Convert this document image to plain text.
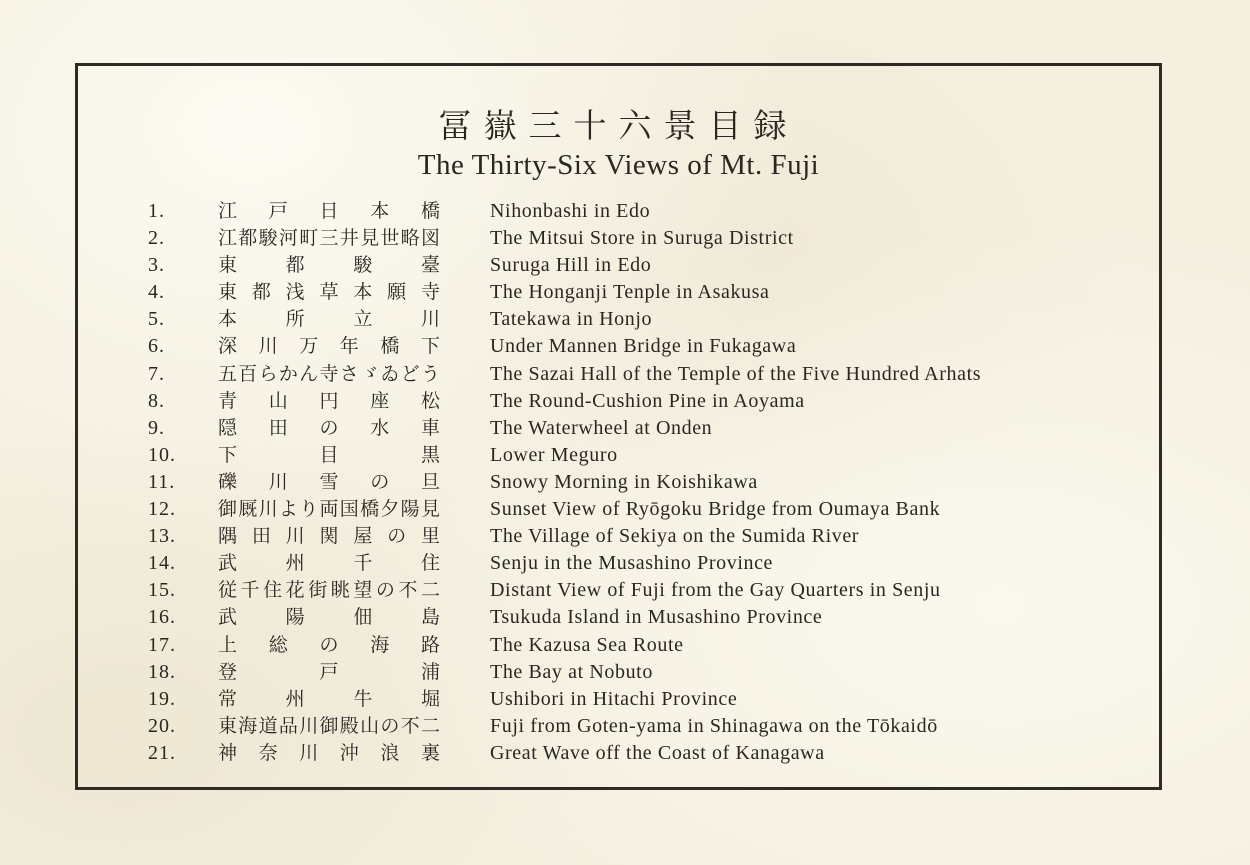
冨嶽三十六景目録
The Thirty-Six Views of Mt. Fuji
1.	江 戸 日 本 橋	Nihonbashi in Edo
2.	江都駿河町三井見世略図	The Mitsui Store in Suruga District
3.	東 都 駿 臺	Suruga Hill in Edo
4.	東都浅草本願寺	The Honganji Tenple in Asakusa
5.	本 所 立 川	Tatekawa in Honjo
6.	深川万年橋下	Under Mannen Bridge in Fukagawa
7.	五百らかん寺さゞゐどう	The Sazai Hall of the Temple of the Five Hundred Arhats
8.	青 山 円 座 松	The Round-Cushion Pine in Aoyama
9.	隠 田 の 水 車	The Waterwheel at Onden
10.	下 目 黒	Lower Meguro
11.	礫 川 雪 の 旦	Snowy Morning in Koishikawa
12.	御厩川より両国橋夕陽見	Sunset View of Ryōgoku Bridge from Oumaya Bank
13.	隅田川関屋の里	The Village of Sekiya on the Sumida River
14.	武 州 千 住	Senju in the Musashino Province
15.	従千住花街眺望の不二	Distant View of Fuji from the Gay Quarters in Senju
16.	武 陽 佃 島	Tsukuda Island in Musashino Province
17.	上 総 の 海 路	The Kazusa Sea Route
18.	登 戸 浦	The Bay at Nobuto
19.	常 州 牛 堀	Ushibori in Hitachi Province
20.	東海道品川御殿山の不二	Fuji from Goten-yama in Shinagawa on the Tōkaidō
21.	神 奈 川 沖 浪 裏	Great Wave off the Coast of Kanagawa
